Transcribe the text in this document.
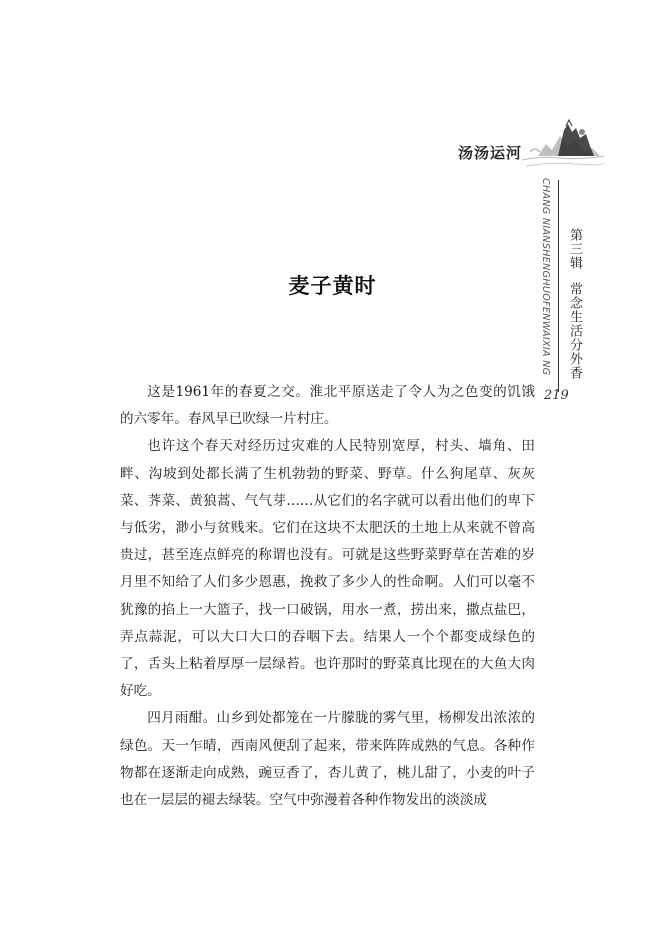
汤汤运河
CHANG NIANSHENGHUOFENWAIXIA NG 第三辑常念生活分外香
219
麦子黄时

这是1961年的春夏之交。淮北平原送走了令人为之色变的饥饿的六零年。春风早已吹绿一片村庄。

也许这个春天对经历过灾难的人民特别宽厚，村头、墙角、田畔、沟坡到处都长满了生机勃勃的野菜、野草。什么狗尾草、灰灰菜、荠菜、黄狼蒿、气气芽……从它们的名字就可以看出他们的卑下与低劣，渺小与贫贱来。它们在这块不太肥沃的土地上从来就不曾高贵过，甚至连点鲜亮的称谓也没有。可就是这些野菜野草在苦难的岁月里不知给了人们多少恩惠，挽救了多少人的性命啊。人们可以毫不犹豫的掐上一大篮子，找一口破锅，用水一煮，捞出来，撒点盐巴，弄点蒜泥，可以大口大口的吞咽下去。结果人一个个都变成绿色的了，舌头上粘着厚厚一层绿苔。也许那时的野菜真比现在的大鱼大肉好吃。

四月雨酣。山乡到处都笼在一片朦胧的雾气里，杨柳发出浓浓的绿色。天一乍晴，西南风便刮了起来，带来阵阵成熟的气息。各种作物都在逐渐走向成熟，豌豆香了，杏儿黄了，桃儿甜了，小麦的叶子也在一层层的褪去绿装。空气中弥漫着各种作物发出的淡淡成
